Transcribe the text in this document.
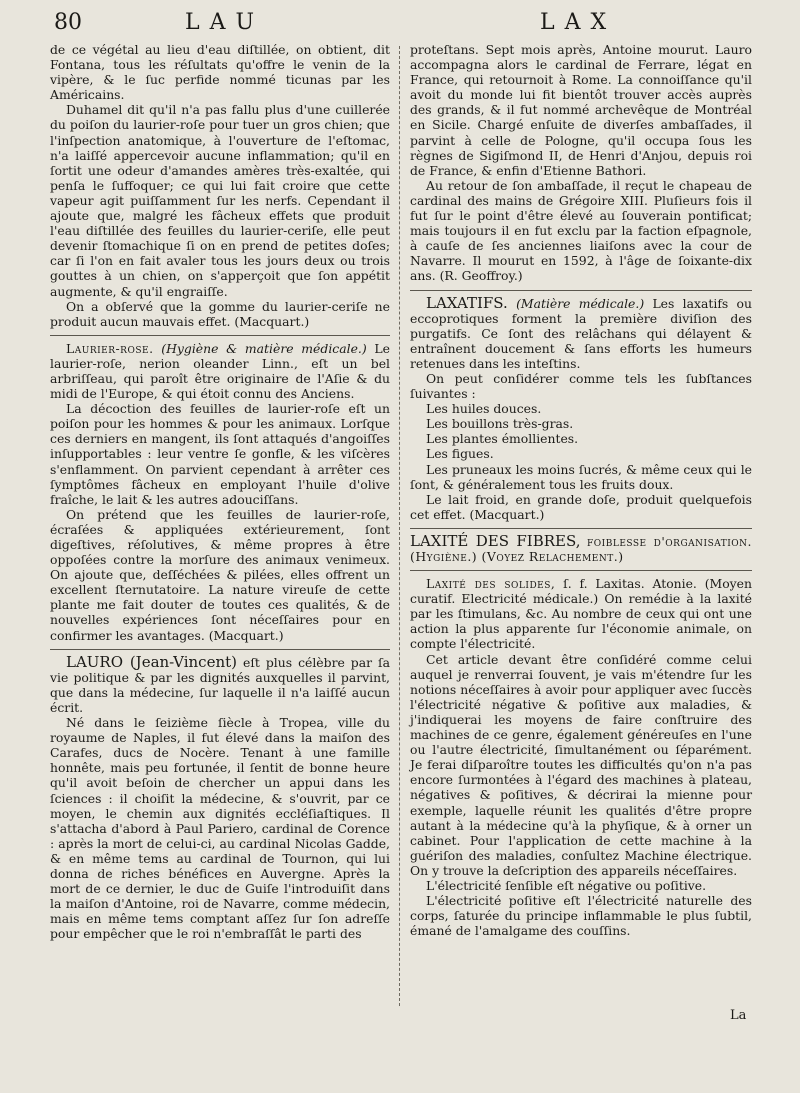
80	LAU	LAX

de ce végétal au lieu d'eau diſtillée, on obtient, dit Fontana, tous les réſultats qu'offre le venin de la vipère, & le ſuc perfide nommé ticunas par les Américains.

Duhamel dit qu'il n'a pas fallu plus d'une cuillerée du poiſon du laurier-roſe pour tuer un gros chien; que l'inſpection anatomique, à l'ouverture de l'eſtomac, n'a laiſſé appercevoir aucune inflammation; qu'il en ſortit une odeur d'amandes amères très-exaltée, qui penſa le ſuffoquer; ce qui lui fait croire que cette vapeur agit puiſſamment ſur les nerfs. Cependant il ajoute que, malgré les fâcheux effets que produit l'eau diſtillée des feuilles du laurier-ceriſe, elle peut devenir ſtomachique ſi on en prend de petites doſes; car ſi l'on en fait avaler tous les jours deux ou trois gouttes à un chien, on s'apperçoit que ſon appétit augmente, & qu'il engraiſſe.

On a obſervé que la gomme du laurier-ceriſe ne produit aucun mauvais effet. (Macquart.)

Laurier-rose. (Hygiène & matière médicale.) Le laurier-roſe, nerion oleander Linn., eſt un bel arbriſſeau, qui paroît être originaire de l'Aſie & du midi de l'Europe, & qui étoit connu des Anciens.

La décoction des feuilles de laurier-roſe eſt un poiſon pour les hommes & pour les animaux. Lorſque ces derniers en mangent, ils ſont attaqués d'angoiſſes inſupportables : leur ventre ſe gonfle, & les viſcères s'enflamment. On parvient cependant à arrêter ces ſymptômes fâcheux en employant l'huile d'olive fraîche, le lait & les autres adouciſſans.

On prétend que les feuilles de laurier-roſe, écraſées & appliquées extérieurement, ſont digeſtives, réſolutives, & même propres à être oppoſées contre la morſure des animaux venimeux. On ajoute que, deſſéchées & pilées, elles offrent un excellent ſternutatoire. La nature vireuſe de cette plante me fait douter de toutes ces qualités, & de nouvelles expériences ſont néceſſaires pour en confirmer les avantages. (Macquart.)

LAURO (Jean-Vincent) eſt plus célèbre par ſa vie politique & par les dignités auxquelles il parvint, que dans la médecine, ſur laquelle il n'a laiſſé aucun écrit.

Né dans le ſeizième ſiècle à Tropea, ville du royaume de Naples, il fut élevé dans la maiſon des Carafes, ducs de Nocère. Tenant à une famille honnête, mais peu fortunée, il ſentit de bonne heure qu'il avoit beſoin de chercher un appui dans les ſciences : il choiſit la médecine, & s'ouvrit, par ce moyen, le chemin aux dignités eccléſiaſtiques. Il s'attacha d'abord à Paul Pariero, cardinal de Corence : après la mort de celui-ci, au cardinal Nicolas Gadde, & en même tems au cardinal de Tournon, qui lui donna de riches bénéfices en Auvergne. Après la mort de ce dernier, le duc de Guiſe l'introduiſit dans la maiſon d'Antoine, roi de Navarre, comme médecin, mais en même tems comptant aſſez ſur ſon adreſſe pour empêcher que le roi n'embraſſât le parti des

proteſtans. Sept mois après, Antoine mourut. Lauro accompagna alors le cardinal de Ferrare, légat en France, qui retournoit à Rome. La connoiſſance qu'il avoit du monde lui fit bientôt trouver accès auprès des grands, & il fut nommé archevêque de Montréal en Sicile. Chargé enſuite de diverſes ambaſſades, il parvint à celle de Pologne, qu'il occupa ſous les règnes de Sigiſmond II, de Henri d'Anjou, depuis roi de France, & enfin d'Etienne Bathori.

Au retour de ſon ambaſſade, il reçut le chapeau de cardinal des mains de Grégoire XIII. Pluſieurs fois il fut ſur le point d'être élevé au ſouverain pontificat; mais toujours il en fut exclu par la faction eſpagnole, à cauſe de ſes anciennes liaiſons avec la cour de Navarre. Il mourut en 1592, à l'âge de ſoixante-dix ans. (R. Geoffroy.)

LAXATIFS. (Matière médicale.) Les laxatifs ou eccoprotiques forment la première diviſion des purgatifs. Ce ſont des relâchans qui délayent & entraînent doucement & ſans efforts les humeurs retenues dans les inteſtins.

On peut conſidérer comme tels les ſubſtances ſuivantes :

Les huiles douces.
Les bouillons très-gras.
Les plantes émollientes.
Les figues.

Les pruneaux les moins ſucrés, & même ceux qui le ſont, & généralement tous les fruits doux.

Le lait froid, en grande doſe, produit quelquefois cet effet. (Macquart.)

LAXITÉ DES FIBRES, foiblesse d'organisation. (Hygiène.) (Voyez Relachement.)

Laxité des solides, ſ. f. Laxitas. Atonie. (Moyen curatif. Electricité médicale.) On remédie à la laxité par les ſtimulans, &c. Au nombre de ceux qui ont une action la plus apparente ſur l'économie animale, on compte l'électricité.

Cet article devant être conſidéré comme celui auquel je renverrai ſouvent, je vais m'étendre ſur les notions néceſſaires à avoir pour appliquer avec ſuccès l'électricité négative & poſitive aux maladies, & j'indiquerai les moyens de faire conſtruire des machines de ce genre, également généreuſes en l'une ou l'autre électricité, ſimultanément ou ſéparément. Je ferai diſparoître toutes les difficultés qu'on n'a pas encore ſurmontées à l'égard des machines à plateau, négatives & poſitives, & décrirai la mienne pour exemple, laquelle réunit les qualités d'être propre autant à la médecine qu'à la phyſique, & à orner un cabinet. Pour l'application de cette machine à la guériſon des maladies, conſultez Machine électrique. On y trouve la deſcription des appareils néceſſaires.

L'électricité ſenſible eſt négative ou poſitive.

L'électricité poſitive eſt l'électricité naturelle des corps, ſaturée du principe inflammable le plus ſubtil, émané de l'amalgame des couſſins.

La
